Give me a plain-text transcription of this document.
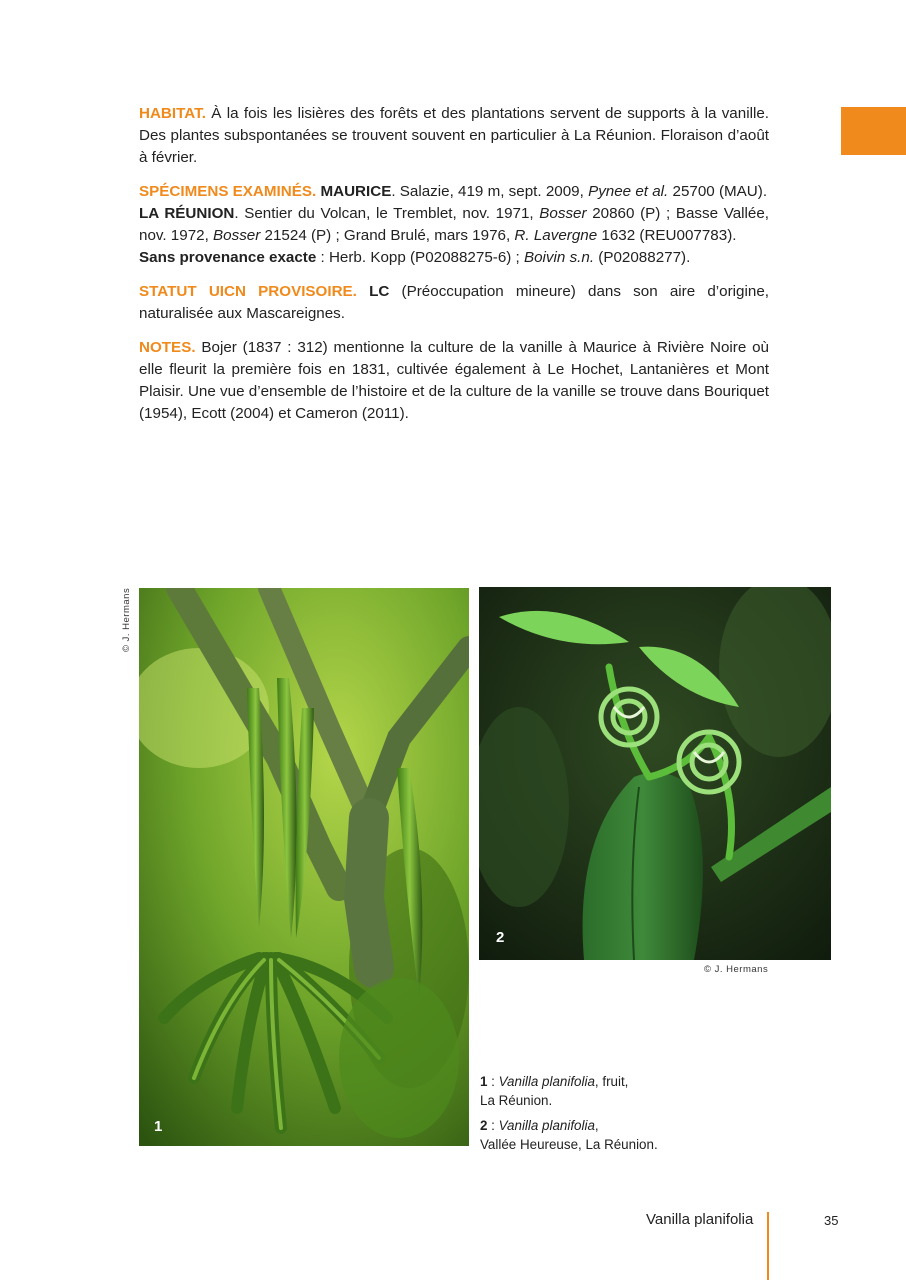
HABITAT. À la fois les lisières des forêts et des plantations servent de supports à la vanille. Des plantes subspontanées se trouvent souvent en particulier à La Réunion. Floraison d’août à février.

SPÉCIMENS EXAMINÉS. MAURICE. Salazie, 419 m, sept. 2009, Pynee et al. 25700 (MAU).
LA RÉUNION. Sentier du Volcan, le Tremblet, nov. 1971, Bosser 20860 (P) ; Basse Vallée, nov. 1972, Bosser 21524 (P) ; Grand Brulé, mars 1976, R. Lavergne 1632 (REU007783).
Sans provenance exacte : Herb. Kopp (P02088275-6) ; Boivin s.n. (P02088277).

STATUT UICN PROVISOIRE. LC (Préoccupation mineure) dans son aire d’origine, naturalisée aux Mascareignes.

NOTES. Bojer (1837 : 312) mentionne la culture de la vanille à Maurice à Rivière Noire où elle fleurit la première fois en 1831, cultivée également à Le Hochet, Lantanières et Mont Plaisir. Une vue d’ensemble de l’histoire et de la culture de la vanille se trouve dans Bouriquet (1954), Ecott (2004) et Cameron (2011).

© J. Hermans
1
2
© J. Hermans

1 : Vanilla planifolia, fruit,
La Réunion.

2 : Vanilla planifolia,
Vallée Heureuse, La Réunion.

Vanilla planifolia	35
